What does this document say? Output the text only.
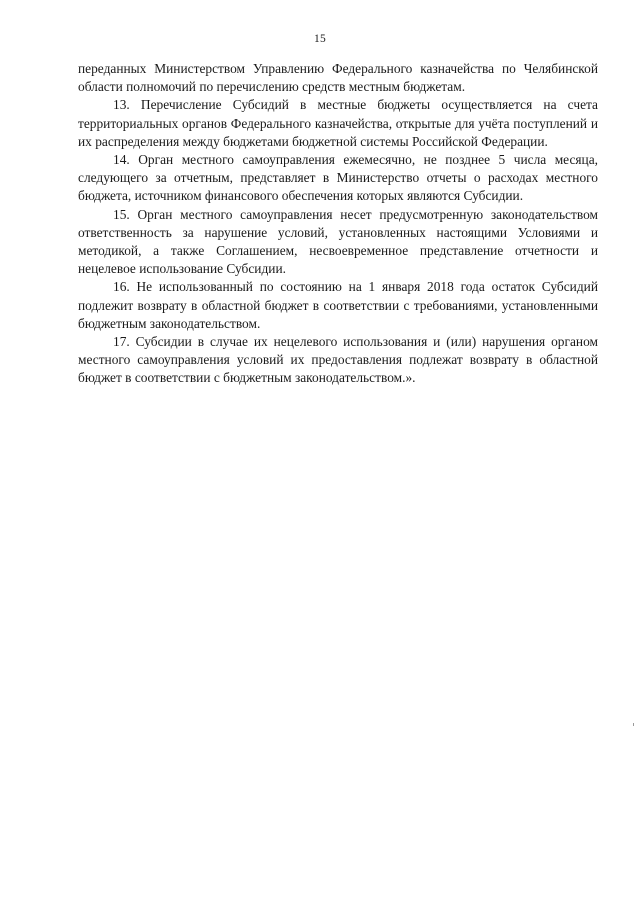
15

переданных Министерством Управлению Федерального казначейства по Челябинской области полномочий по перечислению средств местным бюджетам.

13. Перечисление Субсидий в местные бюджеты осуществляется на счета территориальных органов Федерального казначейства, открытые для учёта поступлений и их распределения между бюджетами бюджетной системы Российской Федерации.

14. Орган местного самоуправления ежемесячно, не позднее 5 числа месяца, следующего за отчетным, представляет в Министерство отчеты о расходах местного бюджета, источником финансового обеспечения которых являются Субсидии.

15. Орган местного самоуправления несет предусмотренную законодательством ответственность за нарушение условий, установленных настоящими Условиями и методикой, а также Соглашением, несвоевременное представление отчетности и нецелевое использование Субсидии.

16. Не использованный по состоянию на 1 января 2018 года остаток Субсидий подлежит возврату в областной бюджет в соответствии с требованиями, установленными бюджетным законодательством.

17. Субсидии в случае их нецелевого использования и (или) нарушения органом местного самоуправления условий их предоставления подлежат возврату в областной бюджет в соответствии с бюджетным законодательством.».
